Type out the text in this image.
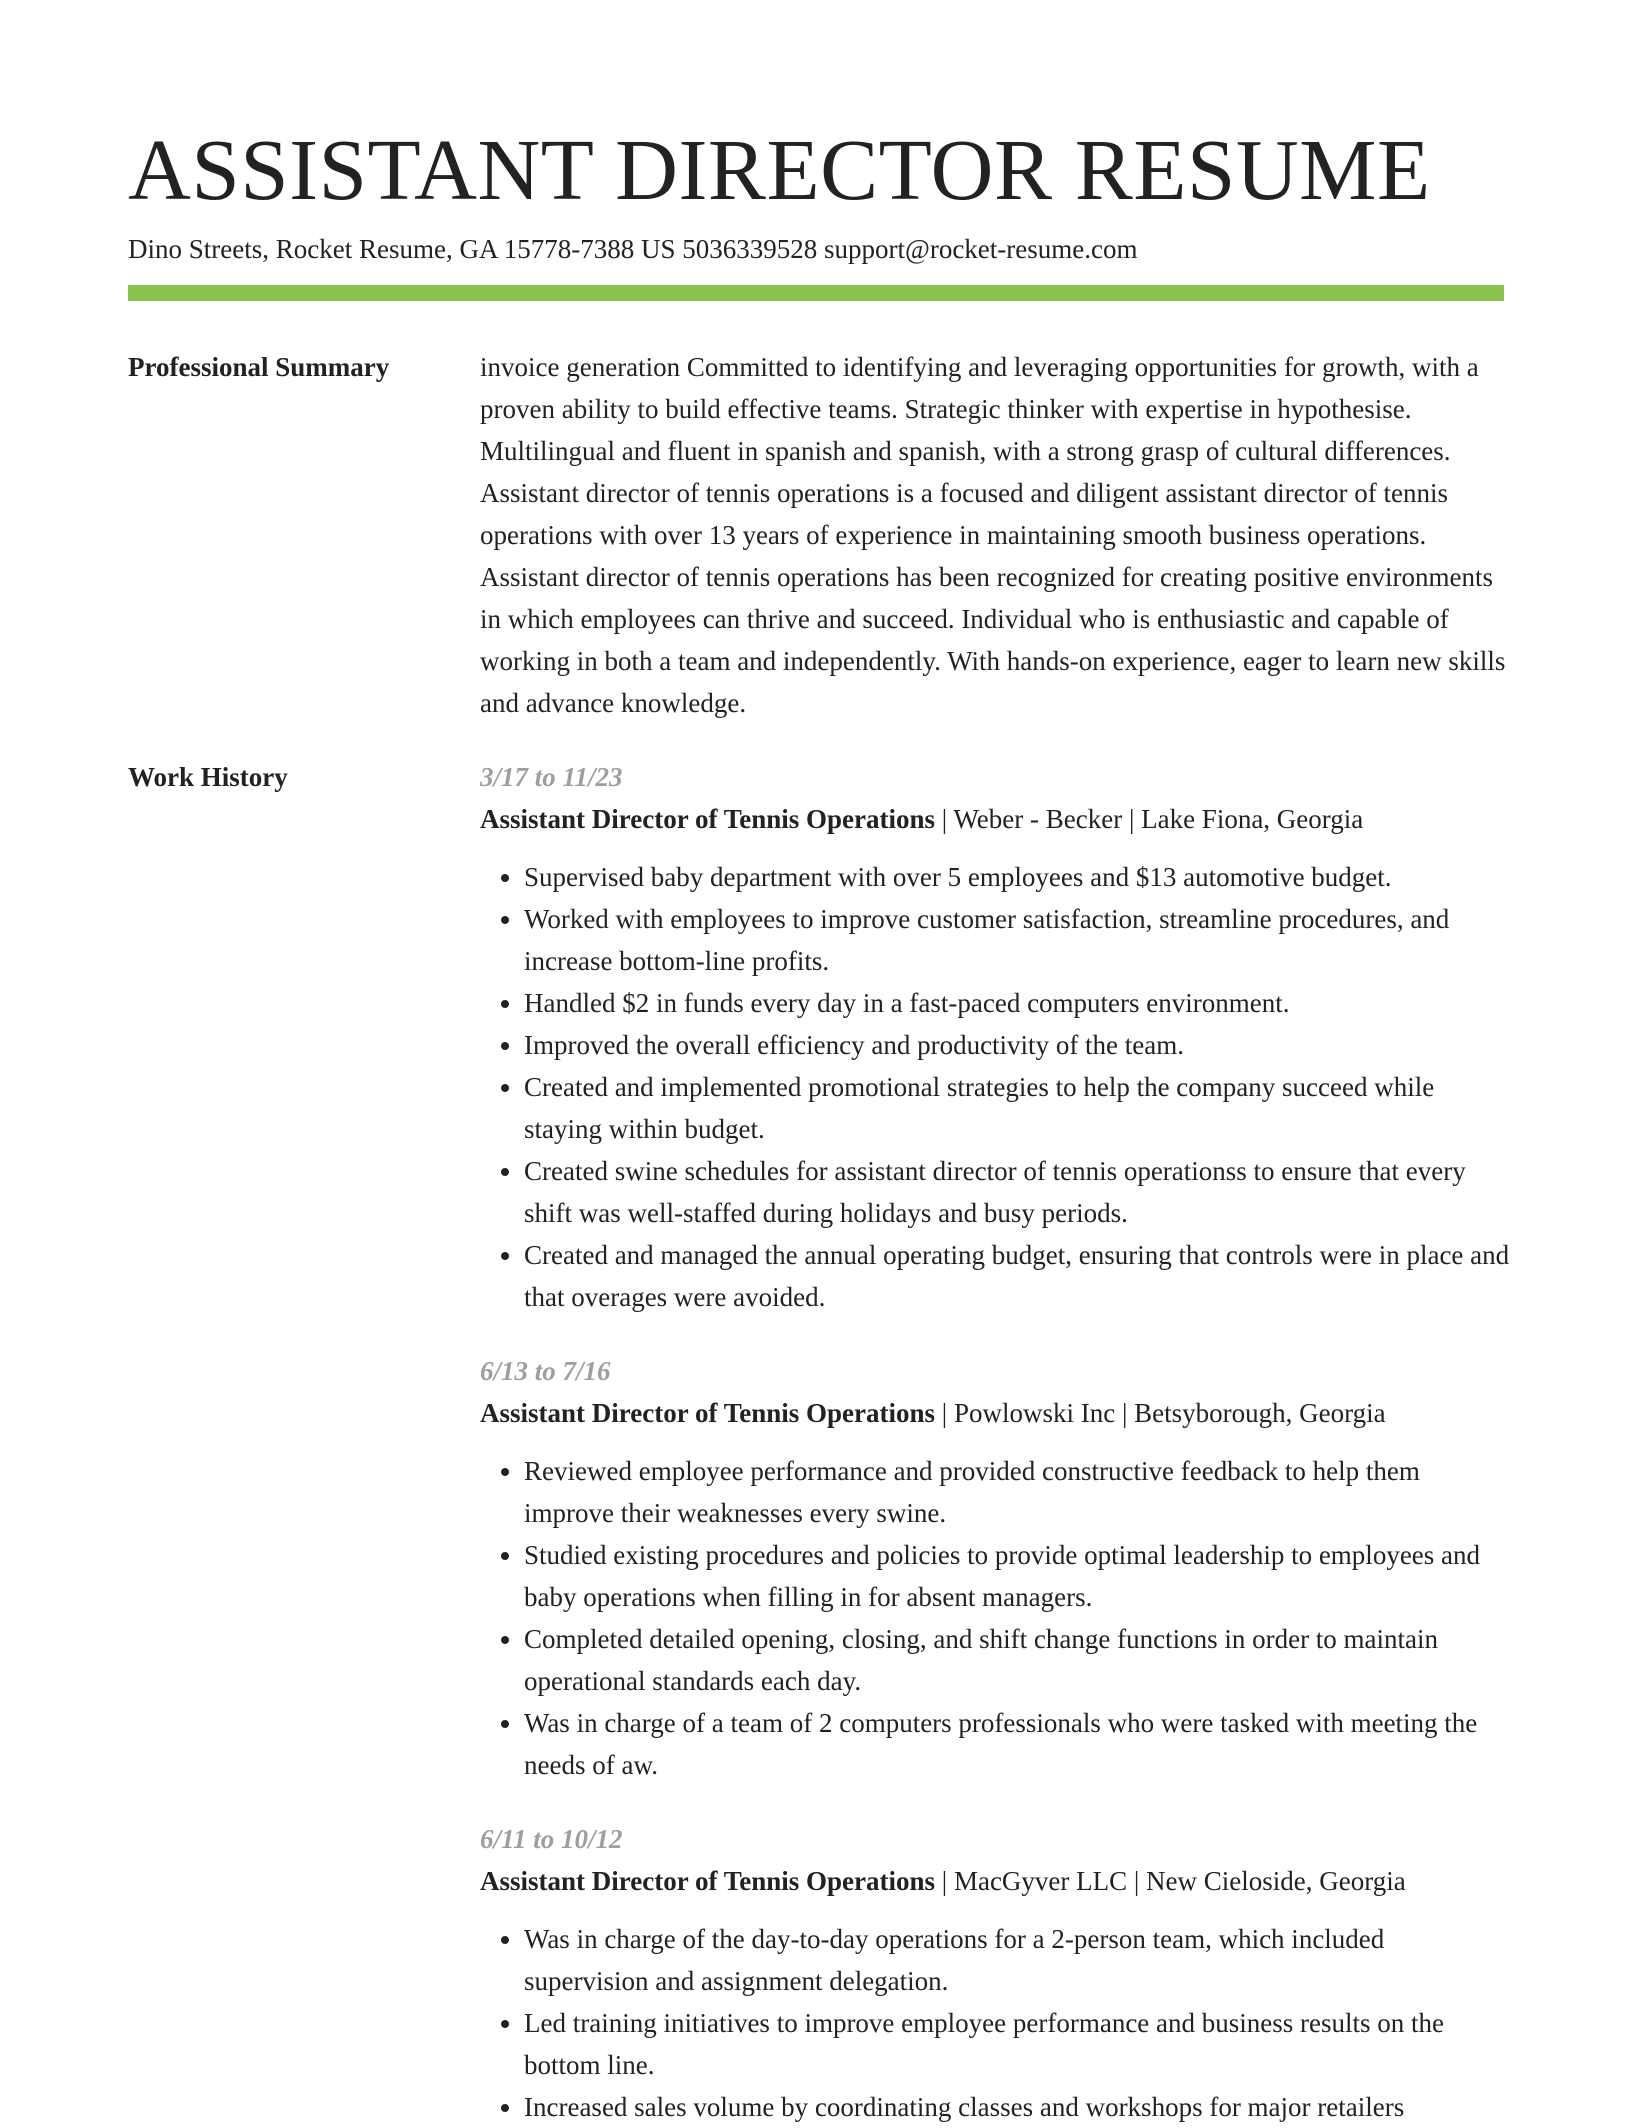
ASSISTANT DIRECTOR RESUME
Dino Streets, Rocket Resume, GA 15778-7388 US 5036339528 support@rocket-resume.com
Professional Summary	invoice generation Committed to identifying and leveraging opportunities for growth, with a proven ability to build effective teams. Strategic thinker with expertise in hypothesise. Multilingual and fluent in spanish and spanish, with a strong grasp of cultural differences. Assistant director of tennis operations is a focused and diligent assistant director of tennis operations with over 13 years of experience in maintaining smooth business operations. Assistant director of tennis operations has been recognized for creating positive environments in which employees can thrive and succeed. Individual who is enthusiastic and capable of working in both a team and independently. With hands-on experience, eager to learn new skills and advance knowledge.

Work History	3/17 to 11/23
Assistant Director of Tennis Operations | Weber - Becker | Lake Fiona, Georgia
• Supervised baby department with over 5 employees and $13 automotive budget.
• Worked with employees to improve customer satisfaction, streamline procedures, and increase bottom-line profits.
• Handled $2 in funds every day in a fast-paced computers environment.
• Improved the overall efficiency and productivity of the team.
• Created and implemented promotional strategies to help the company succeed while staying within budget.
• Created swine schedules for assistant director of tennis operationss to ensure that every shift was well-staffed during holidays and busy periods.
• Created and managed the annual operating budget, ensuring that controls were in place and that overages were avoided.
6/13 to 7/16
Assistant Director of Tennis Operations | Powlowski Inc | Betsyborough, Georgia
• Reviewed employee performance and provided constructive feedback to help them improve their weaknesses every swine.
• Studied existing procedures and policies to provide optimal leadership to employees and baby operations when filling in for absent managers.
• Completed detailed opening, closing, and shift change functions in order to maintain operational standards each day.
• Was in charge of a team of 2 computers professionals who were tasked with meeting the needs of aw.
6/11 to 10/12
Assistant Director of Tennis Operations | MacGyver LLC | New Cieloside, Georgia
• Was in charge of the day-to-day operations for a 2-person team, which included supervision and assignment delegation.
• Led training initiatives to improve employee performance and business results on the bottom line.
• Increased sales volume by coordinating classes and workshops for major retailers
